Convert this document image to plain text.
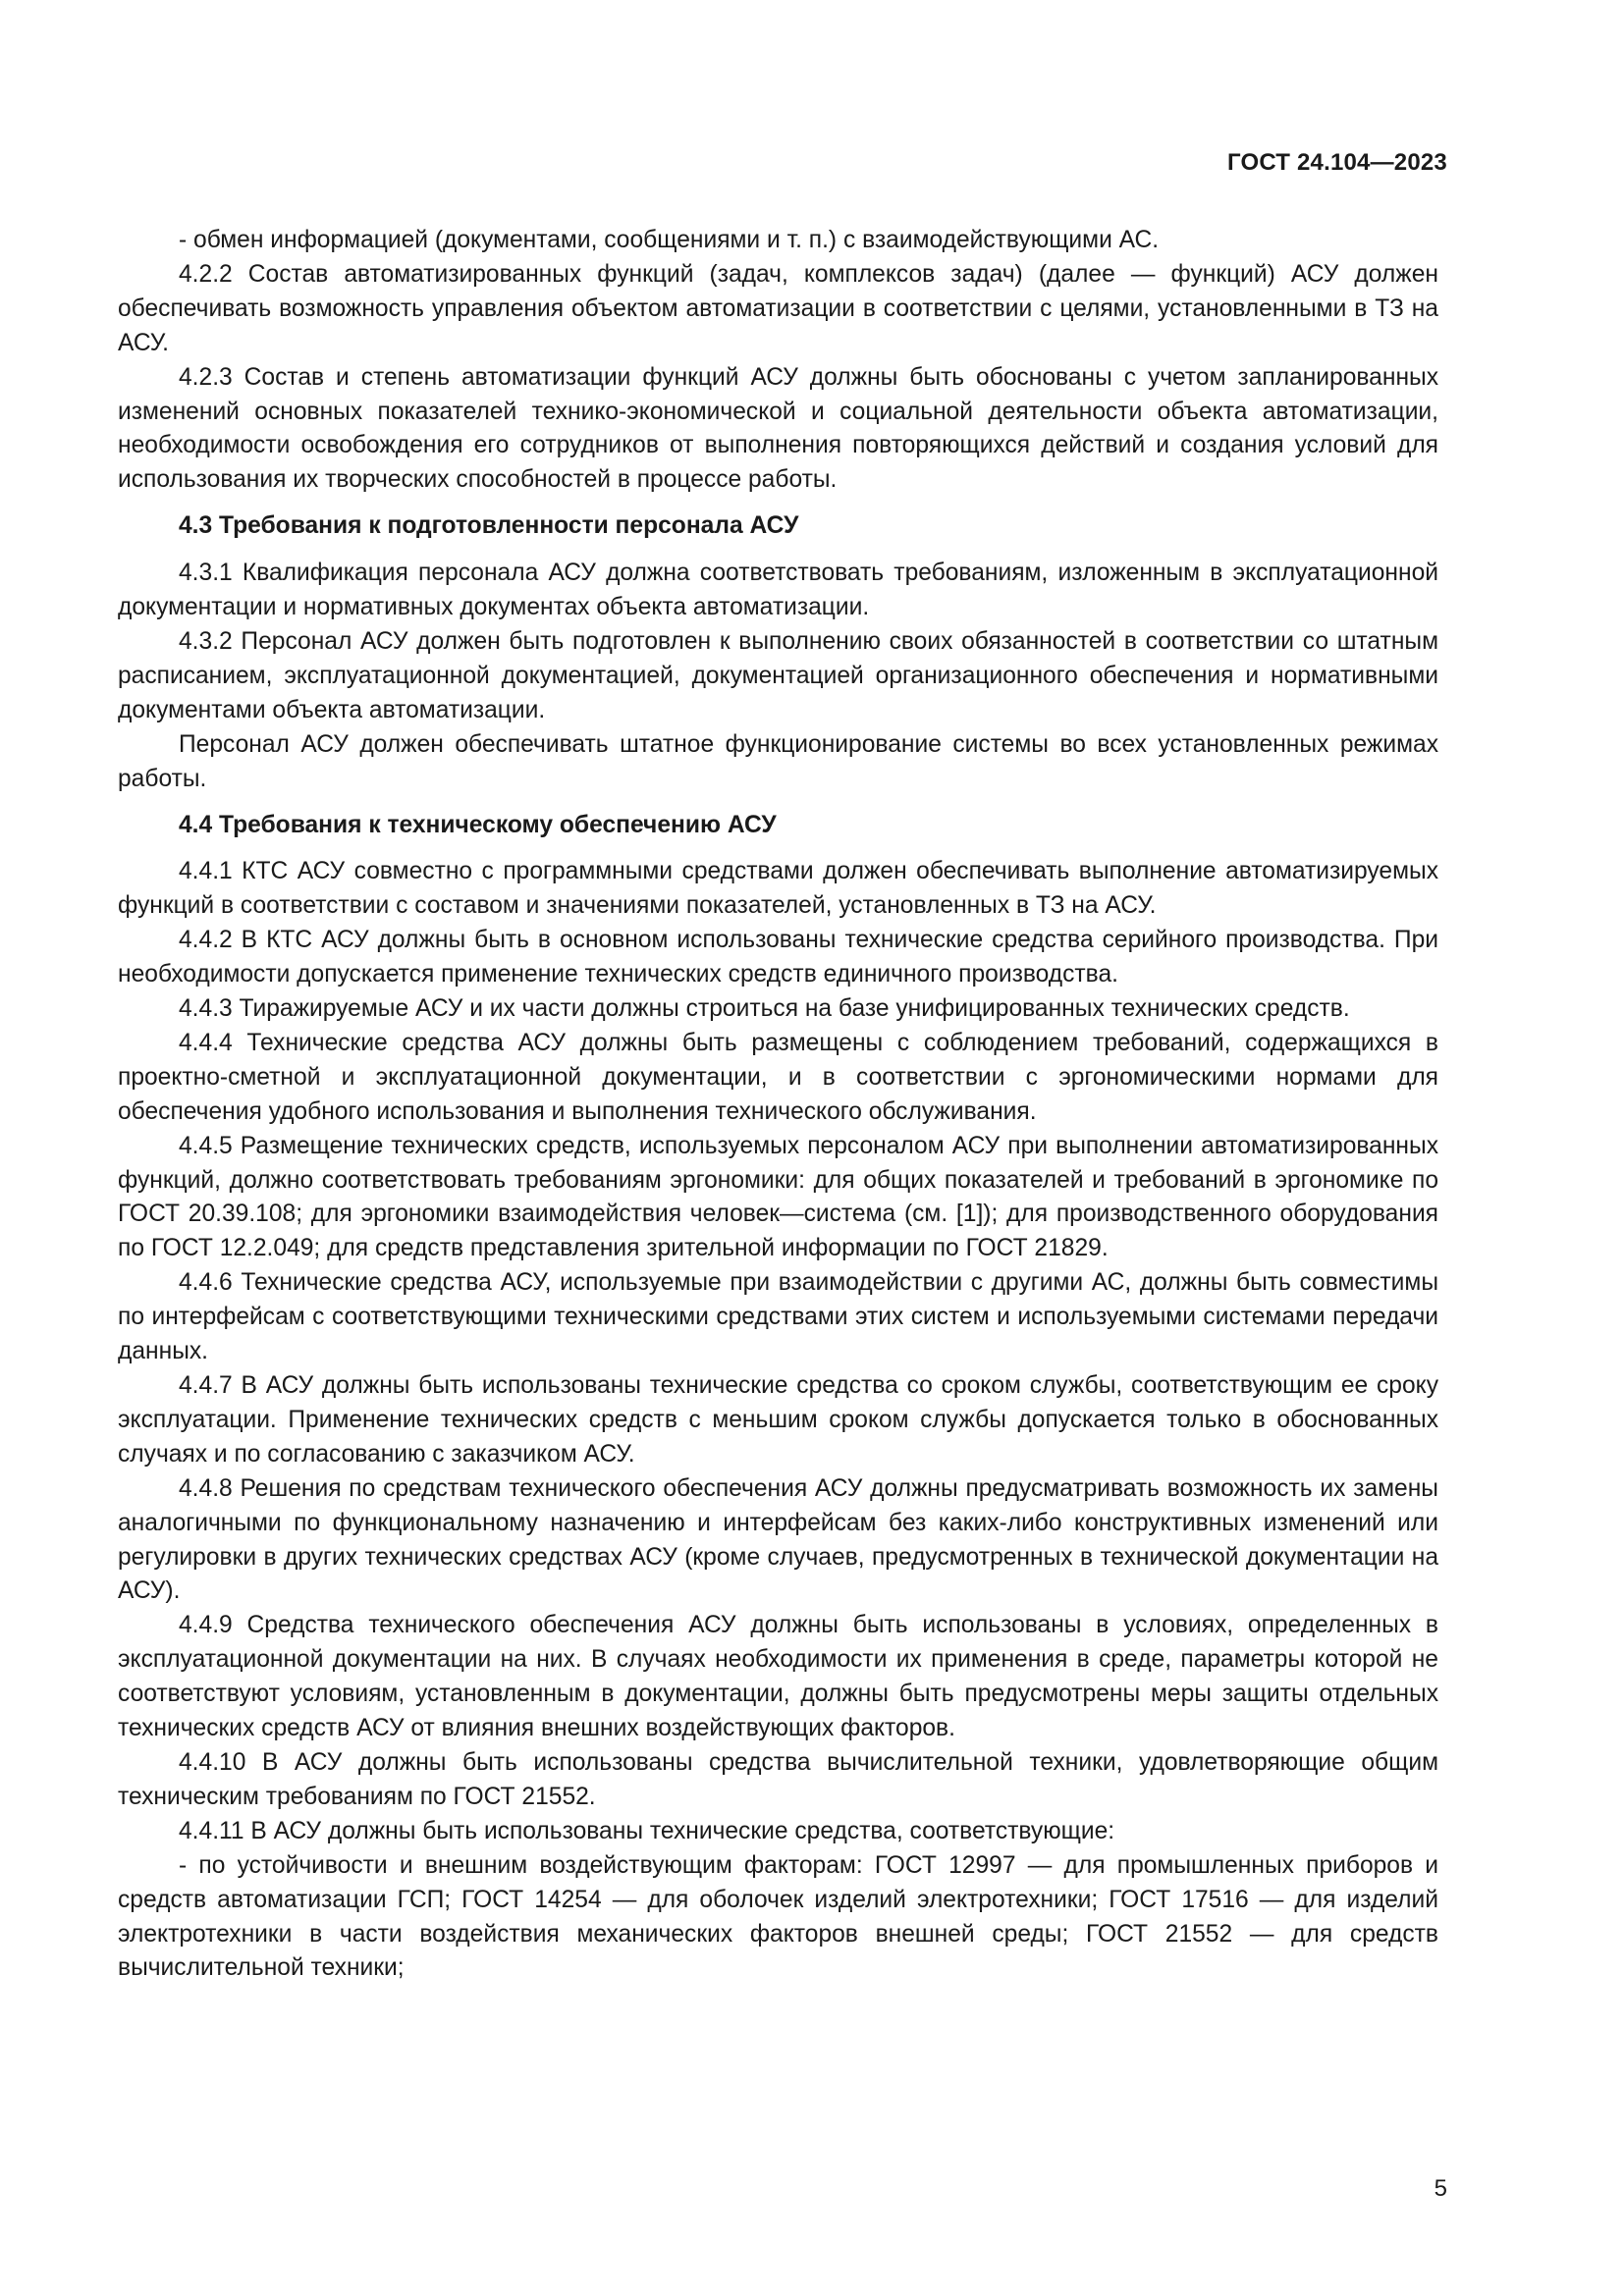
ГОСТ 24.104—2023

- обмен информацией (документами, сообщениями и т. п.) с взаимодействующими АС.

4.2.2 Состав автоматизированных функций (задач, комплексов задач) (далее — функций) АСУ должен обеспечивать возможность управления объектом автоматизации в соответствии с целями, установленными в ТЗ на АСУ.

4.2.3 Состав и степень автоматизации функций АСУ должны быть обоснованы с учетом запланированных изменений основных показателей технико-экономической и социальной деятельности объекта автоматизации, необходимости освобождения его сотрудников от выполнения повторяющихся действий и создания условий для использования их творческих способностей в процессе работы.

4.3 Требования к подготовленности персонала АСУ

4.3.1 Квалификация персонала АСУ должна соответствовать требованиям, изложенным в эксплуатационной документации и нормативных документах объекта автоматизации.

4.3.2 Персонал АСУ должен быть подготовлен к выполнению своих обязанностей в соответствии со штатным расписанием, эксплуатационной документацией, документацией организационного обеспечения и нормативными документами объекта автоматизации.

Персонал АСУ должен обеспечивать штатное функционирование системы во всех установленных режимах работы.

4.4 Требования к техническому обеспечению АСУ

4.4.1 КТС АСУ совместно с программными средствами должен обеспечивать выполнение автоматизируемых функций в соответствии с составом и значениями показателей, установленных в ТЗ на АСУ.

4.4.2 В КТС АСУ должны быть в основном использованы технические средства серийного производства. При необходимости допускается применение технических средств единичного производства.

4.4.3 Тиражируемые АСУ и их части должны строиться на базе унифицированных технических средств.

4.4.4 Технические средства АСУ должны быть размещены с соблюдением требований, содержащихся в проектно-сметной и эксплуатационной документации, и в соответствии с эргономическими нормами для обеспечения удобного использования и выполнения технического обслуживания.

4.4.5 Размещение технических средств, используемых персоналом АСУ при выполнении автоматизированных функций, должно соответствовать требованиям эргономики: для общих показателей и требований в эргономике по ГОСТ 20.39.108; для эргономики взаимодействия человек—система (см. [1]); для производственного оборудования по ГОСТ 12.2.049; для средств представления зрительной информации по ГОСТ 21829.

4.4.6 Технические средства АСУ, используемые при взаимодействии с другими АС, должны быть совместимы по интерфейсам с соответствующими техническими средствами этих систем и используемыми системами передачи данных.

4.4.7 В АСУ должны быть использованы технические средства со сроком службы, соответствующим ее сроку эксплуатации. Применение технических средств с меньшим сроком службы допускается только в обоснованных случаях и по согласованию с заказчиком АСУ.

4.4.8 Решения по средствам технического обеспечения АСУ должны предусматривать возможность их замены аналогичными по функциональному назначению и интерфейсам без каких-либо конструктивных изменений или регулировки в других технических средствах АСУ (кроме случаев, предусмотренных в технической документации на АСУ).

4.4.9 Средства технического обеспечения АСУ должны быть использованы в условиях, определенных в эксплуатационной документации на них. В случаях необходимости их применения в среде, параметры которой не соответствуют условиям, установленным в документации, должны быть предусмотрены меры защиты отдельных технических средств АСУ от влияния внешних воздействующих факторов.

4.4.10 В АСУ должны быть использованы средства вычислительной техники, удовлетворяющие общим техническим требованиям по ГОСТ 21552.

4.4.11 В АСУ должны быть использованы технические средства, соответствующие:

- по устойчивости и внешним воздействующим факторам: ГОСТ 12997 — для промышленных приборов и средств автоматизации ГСП; ГОСТ 14254 — для оболочек изделий электротехники; ГОСТ 17516 — для изделий электротехники в части воздействия механических факторов внешней среды; ГОСТ 21552 — для средств вычислительной техники;

5
